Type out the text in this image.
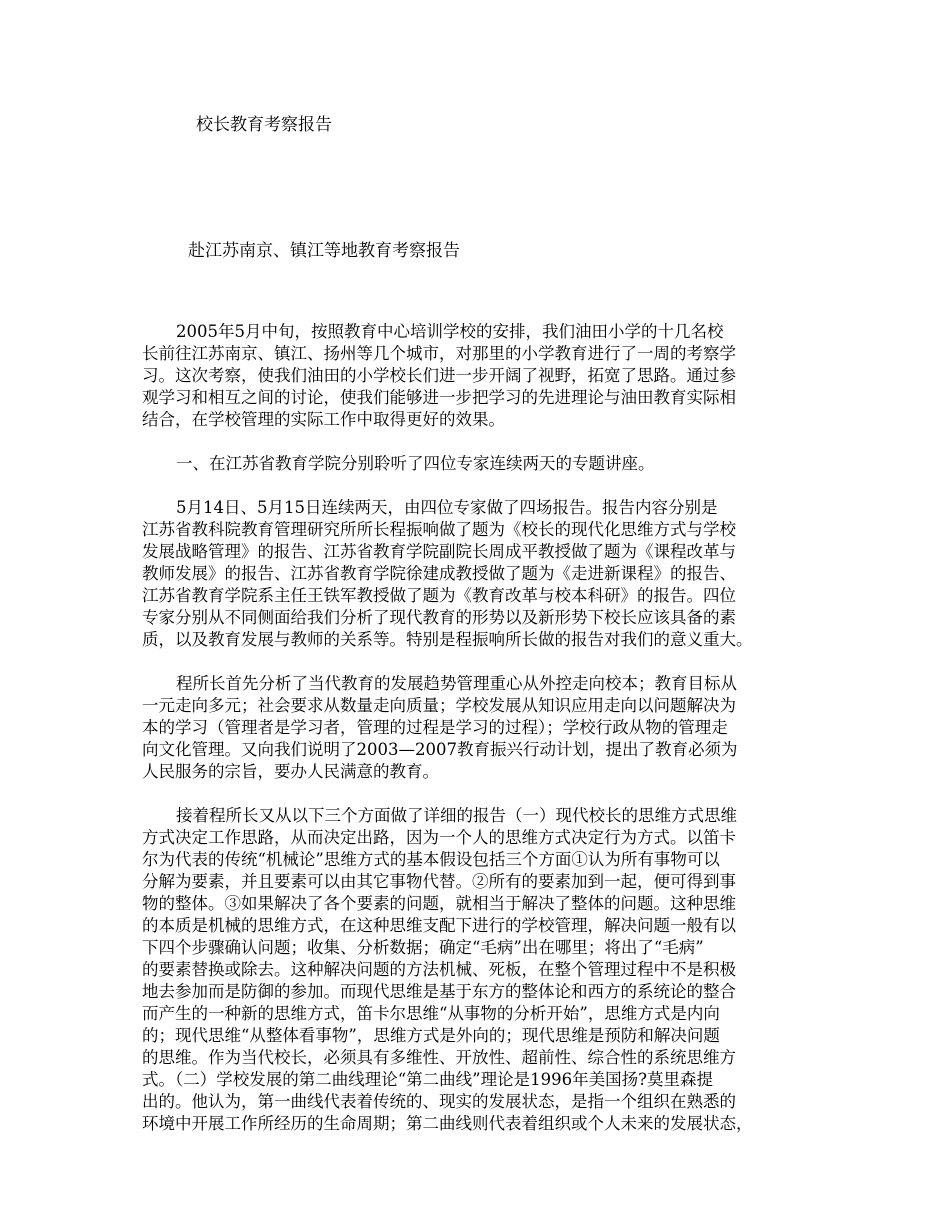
校长教育考察报告
赴江苏南京、镇江等地教育考察报告
2005年5月中旬，按照教育中心培训学校的安排，我们油田小学的十几名校
长前往江苏南京、镇江、扬州等几个城市，对那里的小学教育进行了一周的考察学
习。这次考察，使我们油田的小学校长们进一步开阔了视野，拓宽了思路。通过参
观学习和相互之间的讨论，使我们能够进一步把学习的先进理论与油田教育实际相
结合，在学校管理的实际工作中取得更好的效果。
一、在江苏省教育学院分别聆听了四位专家连续两天的专题讲座。
5月14日、5月15日连续两天，由四位专家做了四场报告。报告内容分别是
江苏省教科院教育管理研究所所长程振响做了题为《校长的现代化思维方式与学校
发展战略管理》的报告、江苏省教育学院副院长周成平教授做了题为《课程改革与
教师发展》的报告、江苏省教育学院徐建成教授做了题为《走进新课程》的报告、
江苏省教育学院系主任王铁军教授做了题为《教育改革与校本科研》的报告。四位
专家分别从不同侧面给我们分析了现代教育的形势以及新形势下校长应该具备的素
质，以及教育发展与教师的关系等。特别是程振响所长做的报告对我们的意义重大。
程所长首先分析了当代教育的发展趋势管理重心从外控走向校本；教育目标从
一元走向多元；社会要求从数量走向质量；学校发展从知识应用走向以问题解决为
本的学习（管理者是学习者，管理的过程是学习的过程）；学校行政从物的管理走
向文化管理。又向我们说明了2003—2007教育振兴行动计划，提出了教育必须为
人民服务的宗旨，要办人民满意的教育。
接着程所长又从以下三个方面做了详细的报告（一）现代校长的思维方式思维
方式决定工作思路，从而决定出路，因为一个人的思维方式决定行为方式。以笛卡
尔为代表的传统“机械论”思维方式的基本假设包括三个方面①认为所有事物可以
分解为要素，并且要素可以由其它事物代替。②所有的要素加到一起，便可得到事
物的整体。③如果解决了各个要素的问题，就相当于解决了整体的问题。这种思维
的本质是机械的思维方式，在这种思维支配下进行的学校管理，解决问题一般有以
下四个步骤确认问题；收集、分析数据；确定“毛病”出在哪里；将出了“毛病”
的要素替换或除去。这种解决问题的方法机械、死板，在整个管理过程中不是积极
地去参加而是防御的参加。而现代思维是基于东方的整体论和西方的系统论的整合
而产生的一种新的思维方式，笛卡尔思维“从事物的分析开始”，思维方式是内向
的；现代思维“从整体看事物”，思维方式是外向的；现代思维是预防和解决问题
的思维。作为当代校长，必须具有多维性、开放性、超前性、综合性的系统思维方
式。（二）学校发展的第二曲线理论“第二曲线”理论是1996年美国扬?莫里森提
出的。他认为，第一曲线代表着传统的、现实的发展状态，是指一个组织在熟悉的
环境中开展工作所经历的生命周期；第二曲线则代表着组织或个人未来的发展状态，
